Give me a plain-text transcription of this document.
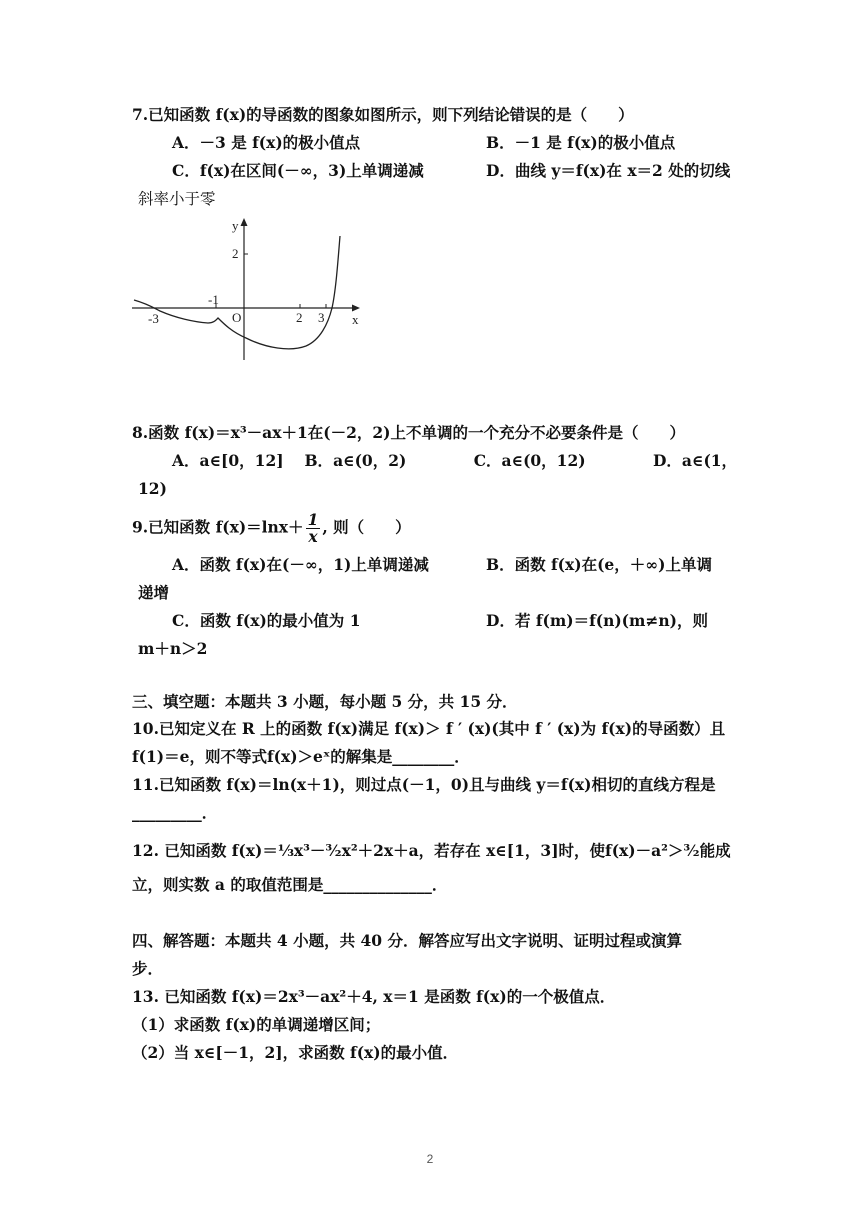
7.已知函数 f(x)的导函数的图象如图所示，则下列结论错误的是（　　）
A．－3 是 f(x)的极小值点	B．－1 是 f(x)的极小值点
C．f(x)在区间(－∞，3)上单调递减	D．曲线 y＝f(x)在 x＝2 处的切线
斜率小于零
y
x
2
-1
O
-3	2 3
8.函数 f(x)＝x³－ax＋1在(－2，2)上不单调的一个充分不必要条件是（　　）
A．a∈[0，12]　 B．a∈(0，2)　　　　 C．a∈(0，12)　　　　 D．a∈(1，
12)
9.已知函数 $f(x)=\ln x+ \frac{1}{x}$ , 则（　　）
A．函数 f(x)在(－∞，1)上单调递减	B．函数 f(x)在(e，＋∞)上单调
递增
C．函数 f(x)的最小值为 1	D．若 f(m)＝f(n)(m≠n)，则
m＋n＞2
三、填空题：本题共 3 小题，每小题 5 分，共 15 分．
10.已知定义在 R 上的函数 f(x)满足 f(x)＞ f ′ (x)(其中 f ′ (x)为 f(x)的导函数）且
f(1)＝e，则不等式f(x)＞eˣ的解集是________．
11.已知函数 f(x)＝ln(x＋1)，则过点(－1，0)且与曲线 y＝f(x)相切的直线方程是
_________．
12. 已知函数 f(x)＝⅓x³－³⁄₂x²＋2x＋a，若存在 x∈[1，3]时，使f(x)－a²＞³⁄₂能成
立，则实数 a 的取值范围是______________．
四、解答题：本题共 4 小题，共 40 分．解答应写出文字说明、证明过程或演算
步．
13. 已知函数 f(x)＝2x³－ax²＋4, x＝1 是函数 f(x)的一个极值点．
（1）求函数 f(x)的单调递增区间；
（2）当 x∈[－1，2]，求函数 f(x)的最小值．
2
